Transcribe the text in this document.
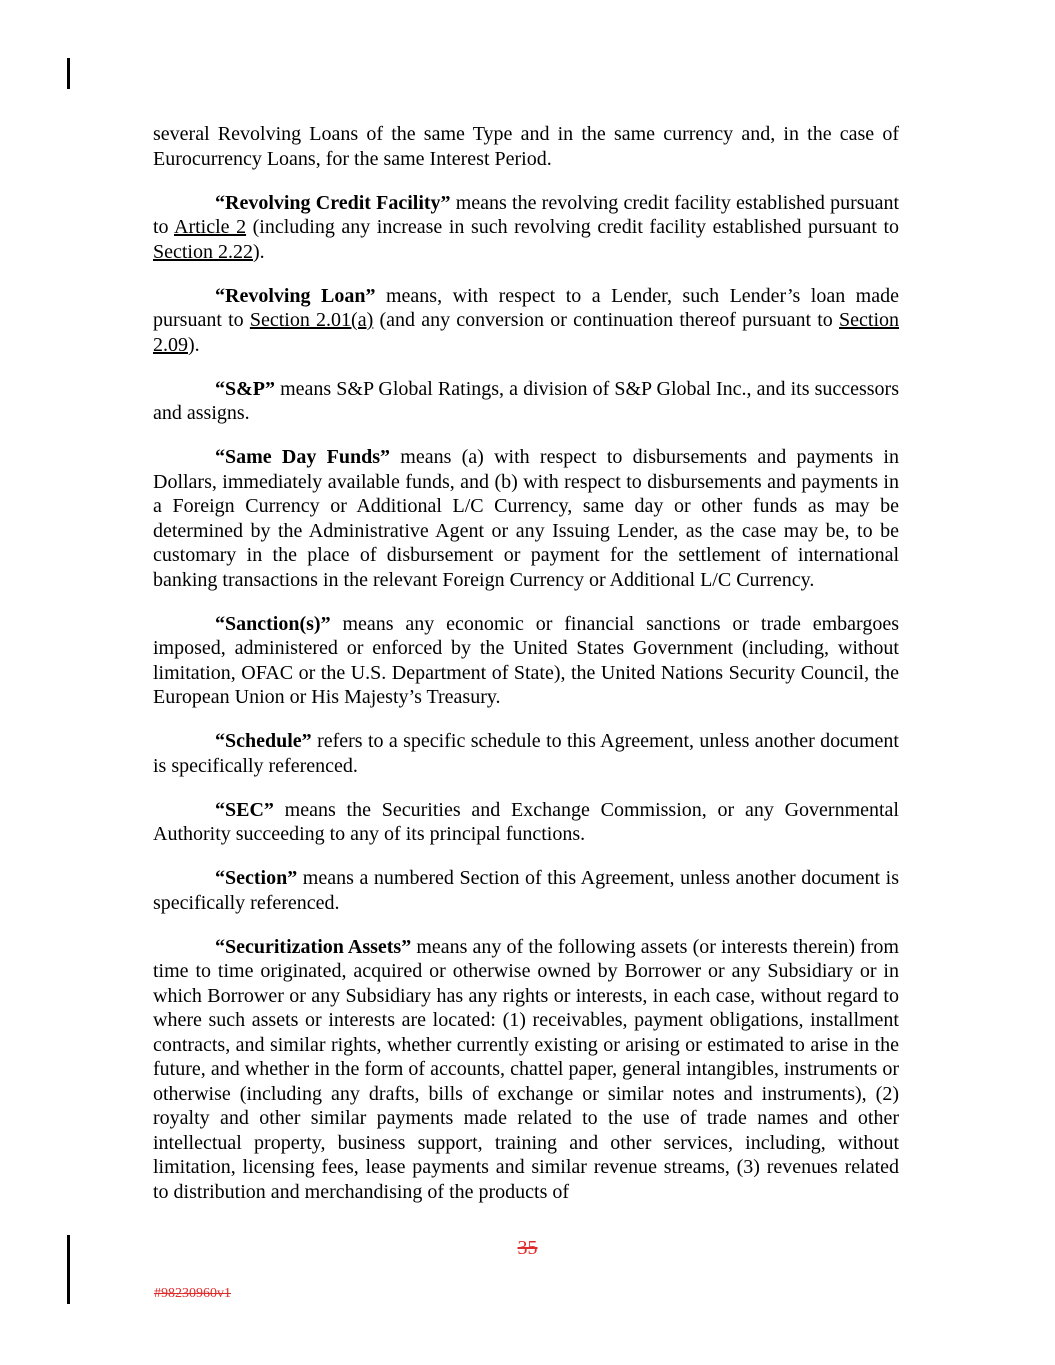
several Revolving Loans of the same Type and in the same currency and, in the case of Eurocurrency Loans, for the same Interest Period.

“Revolving Credit Facility” means the revolving credit facility established pursuant to Article 2 (including any increase in such revolving credit facility established pursuant to Section 2.22).

“Revolving Loan” means, with respect to a Lender, such Lender’s loan made pursuant to Section 2.01(a) (and any conversion or continuation thereof pursuant to Section 2.09).

“S&P” means S&P Global Ratings, a division of S&P Global Inc., and its successors and assigns.

“Same Day Funds” means (a) with respect to disbursements and payments in Dollars, immediately available funds, and (b) with respect to disbursements and payments in a Foreign Currency or Additional L/C Currency, same day or other funds as may be determined by the Administrative Agent or any Issuing Lender, as the case may be, to be customary in the place of disbursement or payment for the settlement of international banking transactions in the relevant Foreign Currency or Additional L/C Currency.

“Sanction(s)” means any economic or financial sanctions or trade embargoes imposed, administered or enforced by the United States Government (including, without limitation, OFAC or the U.S. Department of State), the United Nations Security Council, the European Union or His Majesty’s Treasury.

“Schedule” refers to a specific schedule to this Agreement, unless another document is specifically referenced.

“SEC” means the Securities and Exchange Commission, or any Governmental Authority succeeding to any of its principal functions.

“Section” means a numbered Section of this Agreement, unless another document is specifically referenced.

“Securitization Assets” means any of the following assets (or interests therein) from time to time originated, acquired or otherwise owned by Borrower or any Subsidiary or in which Borrower or any Subsidiary has any rights or interests, in each case, without regard to where such assets or interests are located: (1) receivables, payment obligations, installment contracts, and similar rights, whether currently existing or arising or estimated to arise in the future, and whether in the form of accounts, chattel paper, general intangibles, instruments or otherwise (including any drafts, bills of exchange or similar notes and instruments), (2) royalty and other similar payments made related to the use of trade names and other intellectual property, business support, training and other services, including, without limitation, licensing fees, lease payments and similar revenue streams, (3) revenues related to distribution and merchandising of the products of

35
#98230960v1
